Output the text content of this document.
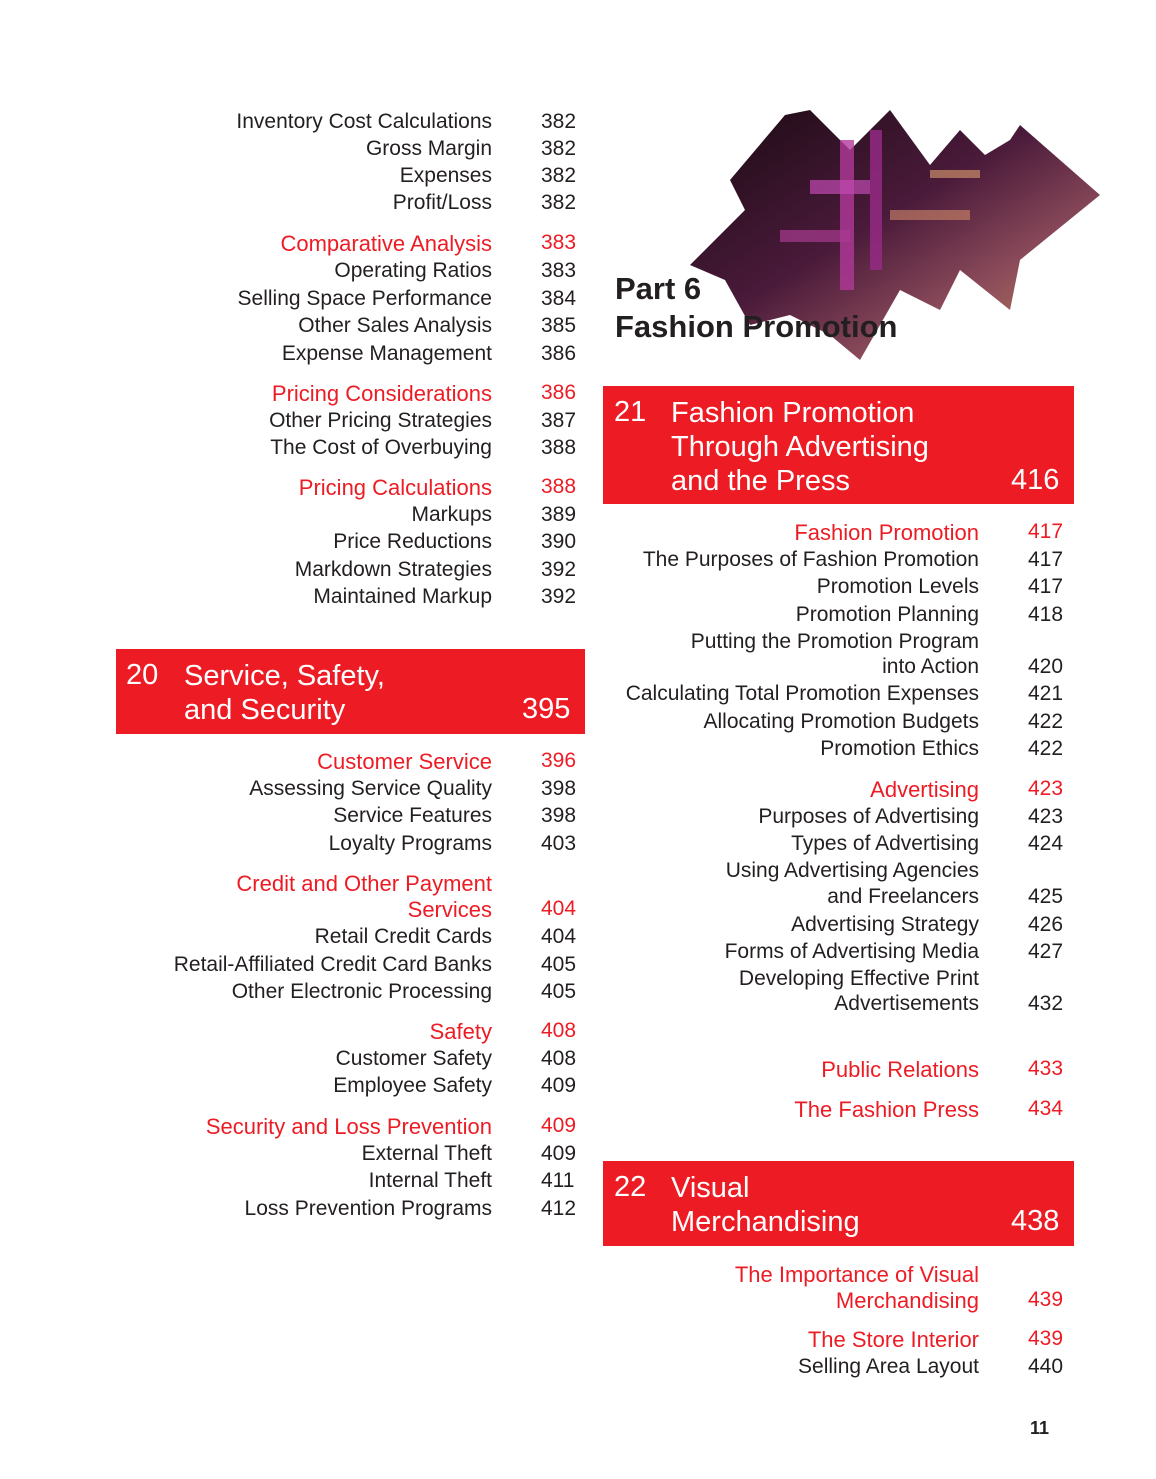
Inventory Cost Calculations 382
Gross Margin 382
Expenses 382
Profit/Loss 382
Comparative Analysis 383
Operating Ratios 383
Selling Space Performance 384
Other Sales Analysis 385
Expense Management 386
Pricing Considerations 386
Other Pricing Strategies 387
The Cost of Overbuying 388
Pricing Calculations 388
Markups 389
Price Reductions 390
Markdown Strategies 392
Maintained Markup 392
20 Service, Safety,
and Security	395
Customer Service 396
Assessing Service Quality 398
Service Features 398
Loyalty Programs 403
Credit and Other Payment
Services 404
Retail Credit Cards 404
Retail-Affiliated Credit Card Banks 405
Other Electronic Processing 405
Safety 408
Customer Safety 408
Employee Safety 409
Security and Loss Prevention 409
External Theft 409
Internal Theft 411
Loss Prevention Programs 412
Part 6
Fashion Promotion
21 Fashion Promotion
Through Advertising
and the Press	416
Fashion Promotion 417
The Purposes of Fashion Promotion 417
Promotion Levels 417
Promotion Planning 418
Putting the Promotion Program
into Action 420
Calculating Total Promotion Expenses 421
Allocating Promotion Budgets 422
Promotion Ethics 422
Advertising 423
Purposes of Advertising 423
Types of Advertising 424
Using Advertising Agencies
and Freelancers 425
Advertising Strategy 426
Forms of Advertising Media 427
Developing Effective Print
Advertisements 432
Public Relations 433
The Fashion Press 434
22 Visual
Merchandising	438
The Importance of Visual
Merchandising 439
The Store Interior 439
Selling Area Layout 440
11
